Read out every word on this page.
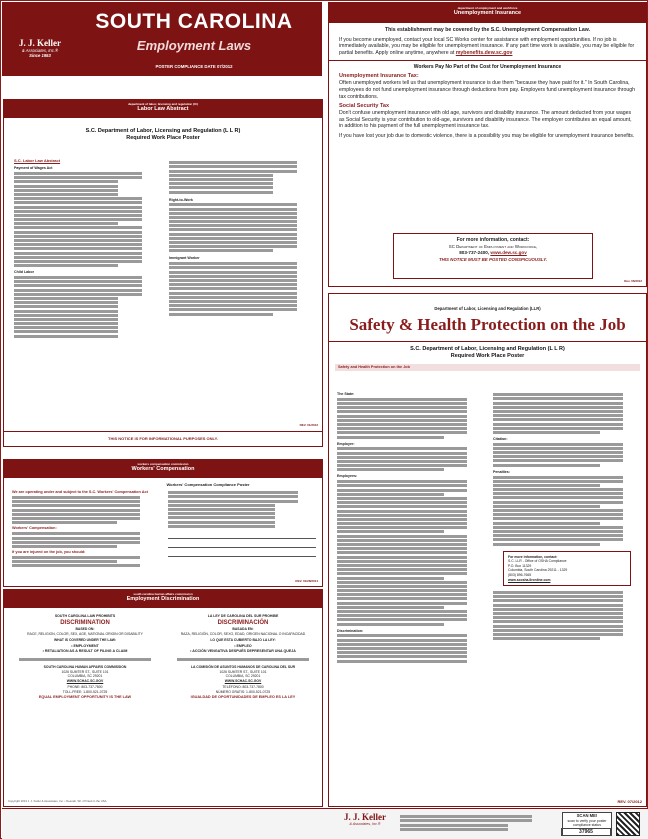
J. J. Keller
& Associates, Inc.®
Since 1953
SOUTH CAROLINA
Employment Laws
POSTER COMPLIANCE DATE 07/2012
department of labor, licensing and regulation (llr)
Labor Law Abstract
S.C. Department of Labor, Licensing and Regulation (L L R)
Required Work Place Poster
S.C. Labor Law Abstract
Payment of Wages Act
Child Labor
Right-to-Work
Immigrant Worker
REV. 01/2012
THIS NOTICE IS FOR INFORMATIONAL PURPOSES ONLY.
department of employment and workforce
Unemployment Insurance
This establishment may be covered by the S.C. Unemployment Compensation Law.
If you become unemployed, contact your local SC Works center for assistance with employment opportunities. If no job is immediately available, you may be eligible for unemployment insurance. If any part time work is available, you may be eligible for partial benefits. Apply online anytime, anywhere at mybenefits.dew.sc.gov
Workers Pay No Part of the Cost for Unemployment Insurance
Unemployment Insurance Tax:
Often unemployed workers tell us that unemployment insurance is due them "because they have paid for it." In South Carolina, employees do not fund unemployment insurance through deductions from pay. Employers fund unemployment insurance through tax contributions.
Social Security Tax
Don't confuse unemployment insurance with old age, survivors and disability insurance. The amount deducted from your wages as Social Security is your contribution to old-age, survivors and disability insurance. The employer contributes an equal amount, in addition to his payment of the full unemployment insurance tax.
If you have lost your job due to domestic violence, there is a possibility you may be eligible for unemployment insurance benefits.
For more information, contact:
SC Department of Employment and Workforce,
803-737-2400, www.dew.sc.gov
THIS NOTICE MUST BE POSTED CONSPICUOUSLY.
Rev. 06/2012
workers compensation commission
Workers' Compensation
Workers' Compensation Compliance Poster
We are operating under and subject to the S.C. Workers' Compensation Act
Workers' Compensation:
If you are injured on the job, you should:
REV. 01/28/2014
south carolina human affairs commission
Employment Discrimination
SOUTH CAROLINA LAW PROHIBITS
DISCRIMINATION
BASED ON:
RACE, RELIGION, COLOR, SEX, AGE, NATIONAL ORIGIN OR DISABILITY
WHAT IS COVERED UNDER THE LAW:
• EMPLOYMENT
• RETALIATION AS A RESULT OF FILING A CLAIM
SOUTH CAROLINA HUMAN AFFAIRS COMMISSION
1026 SUMTER ST., SUITE 101
COLUMBIA, SC 29201
WWW.SCHAC.SC.GOV
PHONE: 803-737-7800
TOLL-FREE: 1-800-521-0725
EQUAL EMPLOYMENT OPPORTUNITY IS THE LAW
LA LEY DE CAROLINA DEL SUR PROHIBE
DISCRIMINACIÓN
BASADA EN:
RAZA, RELIGIÓN, COLOR, SEXO, EDAD, ORIGEN NACIONAL O INCAPACIDAD
LO QUE ESTA CUBIERTO BAJO LA LEY:
• EMPLEO
• ACCIÓN VENGATIVA DESPUÉS DEPRESENTAR UNA QUEJA
LA COMISIÓN DE ASUNTOS HUMANOS DE CAROLINA DEL SUR
1026 SUMTER ST., SUITE 101
COLUMBIA, SC 29201
WWW.SCHAC.SC.GOV
TELÉFONO: 803-737-7800
NÚMERO GRATIS: 1-800-521-0725
IGUALDAD DE OPORTUNIDADES DE EMPLEO ES LA LEY
Copyright 2013 J. J. Keller & Associates, Inc. • Neenah, WI • Printed in the USA
Department of Labor, Licensing and Regulation (LLR)
Safety & Health Protection on the Job
S.C. Department of Labor, Licensing and Regulation (L L R)
Required Work Place Poster
Safety and Health Protection on the Job
The State:
Employer:
Employees:
Discrimination:
Citation:
Penalties:
For more information, contact:
S.C. LLR - Office of OSHA Compliance
P.O. Box 11329
Columbia, South Carolina 29211 - 1329
(803) 896-7665
www.scosha.llronline.com
REV. 07/2012
J. J. Keller
& Associates, Inc.®
SCAN ME!
scan to verify your poster compliance status
37965
